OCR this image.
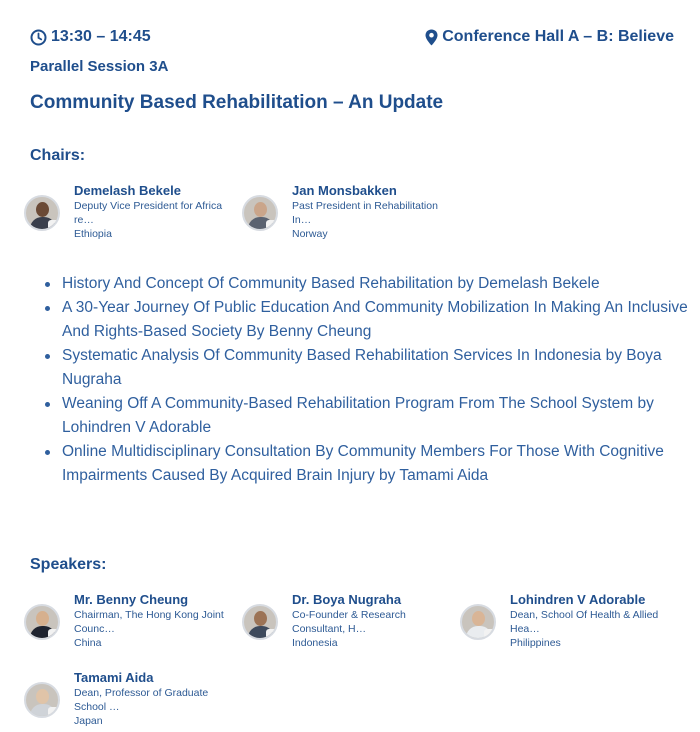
13:30 – 14:45	Conference Hall A – B: Believe
Parallel Session 3A
Community Based Rehabilitation – An Update
Chairs:
Demelash Bekele
Deputy Vice President for Africa re…
Ethiopia
Jan Monsbakken
Past President in Rehabilitation In…
Norway
History And Concept Of Community Based Rehabilitation by Demelash Bekele
A 30-Year Journey Of Public Education And Community Mobilization In Making An Inclusive And Rights-Based Society By Benny Cheung
Systematic Analysis Of Community Based Rehabilitation Services In Indonesia by Boya Nugraha
Weaning Off A Community-Based Rehabilitation Program From The School System by Lohindren V Adorable
Online Multidisciplinary Consultation By Community Members For Those With Cognitive Impairments Caused By Acquired Brain Injury by Tamami Aida
Speakers:
Mr. Benny Cheung
Chairman, The Hong Kong Joint Counc…
China
Dr. Boya Nugraha
Co-Founder & Research Consultant, H…
Indonesia
Lohindren V Adorable
Dean, School Of Health & Allied Hea…
Philippines
Tamami Aida
Dean, Professor of Graduate School …
Japan
